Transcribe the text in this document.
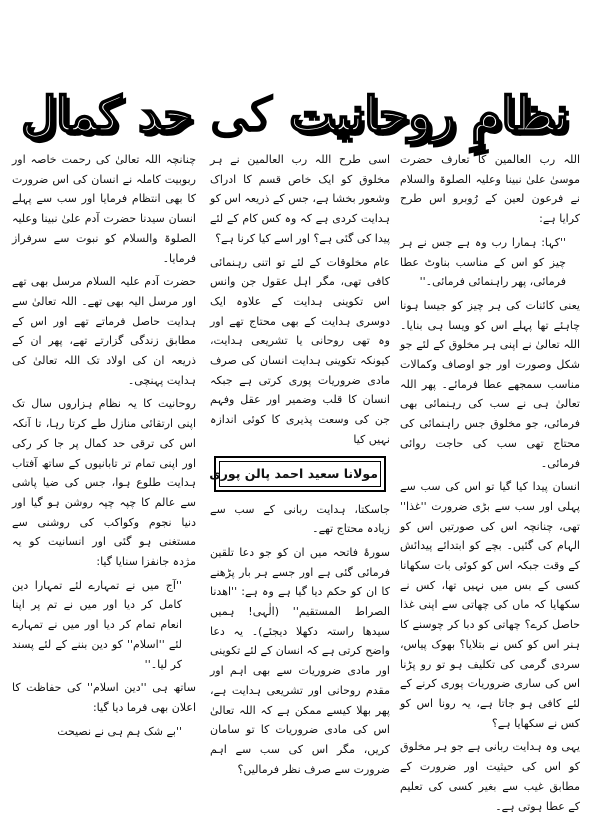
نظامِ روحانیت کی حد کمال

اللہ رب العالمین کا تعارف حضرت موسیٰ علیٰ نبینا وعلیہ الصلوۃ والسلام نے فرعون لعین کے رُوبرو اس طرح کرایا ہے:

''کہا: ہمارا رب وہ ہے جس نے ہر چیز کو اس کے مناسب بناوٹ عطا فرمائی، پھر راہنمائی فرمائی۔''

یعنی کائنات کی ہر چیز کو جیسا ہونا چاہئے تھا پہلے اس کو ویسا ہی بنایا۔ اللہ تعالیٰ نے اپنی ہر مخلوق کے لئے جو شکل وصورت اور جو اوصاف وکمالات مناسب سمجھے عطا فرمائے۔ پھر اللہ تعالیٰ ہی نے سب کی رہنمائی بھی فرمائی، جو مخلوق جس راہنمائی کی محتاج تھی سب کی حاجت روائی فرمائی۔

انسان پیدا کیا گیا تو اس کی سب سے پہلی اور سب سے بڑی ضرورت ''غذا'' تھی، چنانچہ اس کی صورتیں اس کو الہام کی گئیں۔ بچے کو ابتدائے پیدائش کے وقت جبکہ اس کو کوئی بات سکھانا کسی کے بس میں نہیں تھا، کس نے سکھایا کہ ماں کی چھاتی سے اپنی غذا حاصل کرے؟ چھاتی کو دبا کر چوسنے کا ہنر اس کو کس نے بتلایا؟ بھوک پیاس، سردی گرمی کی تکلیف ہو تو رو پڑنا اس کی ساری ضروریات پوری کرنے کے لئے کافی ہو جاتا ہے، یہ رونا اس کو کس نے سکھایا ہے؟

یہی وہ ہدایت ربانی ہے جو ہر مخلوق کو اس کی حیثیت اور ضرورت کے مطابق غیب سے بغیر کسی کی تعلیم کے عطا ہوتی ہے۔

اسی طرح اللہ رب العالمین نے ہر مخلوق کو ایک خاص قسم کا ادراک وشعور بخشا ہے، جس کے ذریعہ اس کو ہدایت کردی ہے کہ وہ کس کام کے لئے پیدا کی گئی ہے؟ اور اسے کیا کرنا ہے؟

عام مخلوقات کے لئے تو اتنی رہنمائی کافی تھی، مگر اہل عقول جن وانس اس تکوینی ہدایت کے علاوہ ایک دوسری ہدایت کے بھی محتاج تھے اور وہ تھی روحانی یا تشریعی ہدایت، کیونکہ تکوینی ہدایت انسان کی صرف مادی ضروریات پوری کرتی ہے جبکہ انسان کا قلب وضمیر اور عقل وفہم جن کی وسعت پذیری کا کوئی اندازہ نہیں کیا

مولانا سعید احمد پالن پوری

جاسکتا، ہدایت ربانی کے سب سے زیادہ محتاج تھے۔

سورۂ فاتحہ میں ان کو جو دعا تلقین فرمائی گئی ہے اور جسے ہر بار پڑھنے کا ان کو حکم دیا گیا ہے وہ ہے: ''اھدنا الصراط المستقیم'' (الٰہی! ہمیں سیدھا راستہ دکھلا دیجئے)۔ یہ دعا واضح کرتی ہے کہ انسان کے لئے تکوینی اور مادی ضروریات سے بھی اہم اور مقدم روحانی اور تشریعی ہدایت ہے، پھر بھلا کیسے ممکن ہے کہ اللہ تعالیٰ اس کی مادی ضروریات کا تو سامان کریں، مگر اس کی سب سے اہم ضرورت سے صرف نظر فرمالیں؟

چنانچہ اللہ تعالیٰ کی رحمت خاصہ اور ربوبیت کاملہ نے انسان کی اس ضرورت کا بھی انتظام فرمایا اور سب سے پہلے انسان سیدنا حضرت آدم علیٰ نبینا وعلیہ الصلوۃ والسلام کو نبوت سے سرفراز فرمایا۔

حضرت آدم علیہ السلام مرسل بھی تھے اور مرسل الیہ بھی تھے۔ اللہ تعالیٰ سے ہدایت حاصل فرماتے تھے اور اس کے مطابق زندگی گزارتے تھے، پھر ان کے ذریعہ ان کی اولاد تک اللہ تعالیٰ کی ہدایت پہنچی۔

روحانیت کا یہ نظام ہزاروں سال تک اپنی ارتقائی منازل طے کرتا رہا، تا آنکہ اس کی ترقی حد کمال پر جا کر رکی اور اپنی تمام تر تابانیوں کے ساتھ آفتاب ہدایت طلوع ہوا، جس کی ضیا پاشی سے عالم کا چپہ چپہ روشن ہو گیا اور دنیا نجوم وکواکب کی روشنی سے مستغنی ہو گئی اور انسانیت کو یہ مژدہ جانفزا سنایا گیا:

''آج میں نے تمہارے لئے تمہارا دین کامل کر دیا اور میں نے تم پر اپنا انعام تمام کر دیا اور میں نے تمہارے لئے ''اسلام'' کو دین بننے کے لئے پسند کر لیا۔''

ساتھ ہی ''دین اسلام'' کی حفاظت کا اعلان بھی فرما دیا گیا:

''بے شک ہم ہی نے نصیحت
